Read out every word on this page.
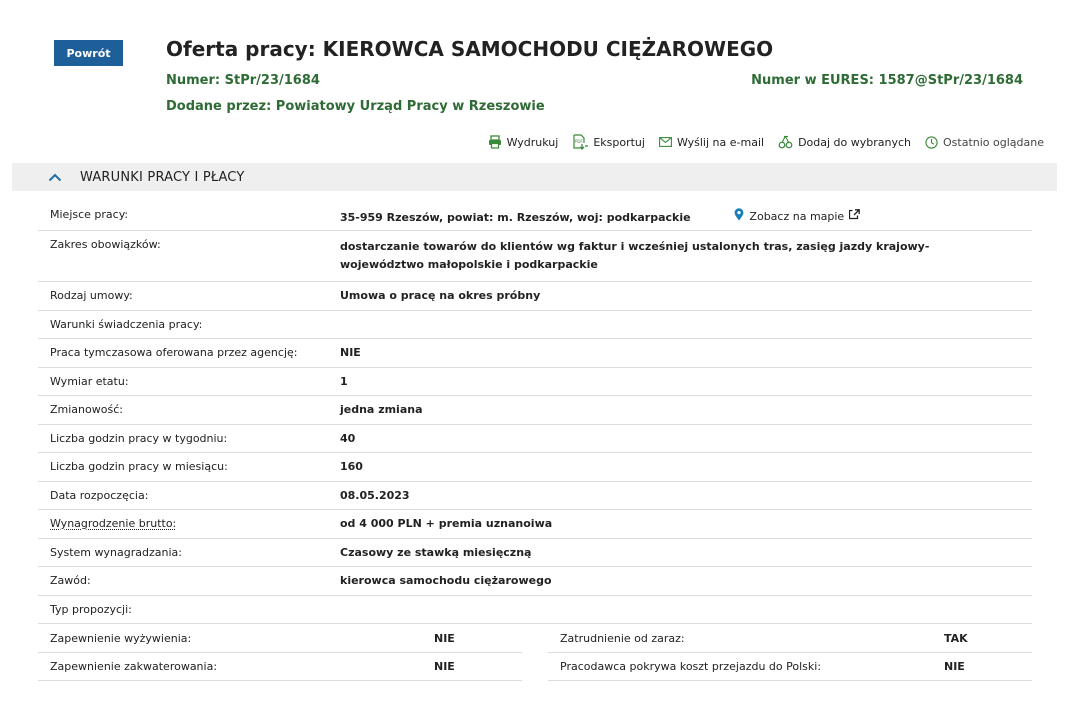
Powrót	Oferta pracy: KIEROWCA SAMOCHODU CIĘŻAROWEGO
Numer: StPr/23/1684	Numer w EURES: 1587@StPr/23/1684
Dodane przez: Powiatowy Urząd Pracy w Rzeszowie
Wydrukuj	PDF Eksportuj	Wyślij na e-mail	Dodaj do wybranych	Ostatnio oglądane
WARUNKI PRACY I PŁACY
Miejsce pracy:	35-959 Rzeszów, powiat: m. Rzeszów, woj: podkarpackie	Zobacz na mapie
Zakres obowiązków:	dostarczanie towarów do klientów wg faktur i wcześniej ustalonych tras, zasięg jazdy krajowy- województwo małopolskie i podkarpackie
Rodzaj umowy:	Umowa o pracę na okres próbny
Warunki świadczenia pracy:
Praca tymczasowa oferowana przez agencję:	NIE
Wymiar etatu:	1
Zmianowość:	jedna zmiana
Liczba godzin pracy w tygodniu:	40
Liczba godzin pracy w miesiącu:	160
Data rozpoczęcia:	08.05.2023
Wynagrodzenie brutto:	od 4 000 PLN + premia uznanoiwa
System wynagradzania:	Czasowy ze stawką miesięczną
Zawód:	kierowca samochodu ciężarowego
Typ propozycji:
Zapewnienie wyżywienia:	NIE	Zatrudnienie od zaraz:	TAK
Zapewnienie zakwaterowania:	NIE	Pracodawca pokrywa koszt przejazdu do Polski:	NIE
